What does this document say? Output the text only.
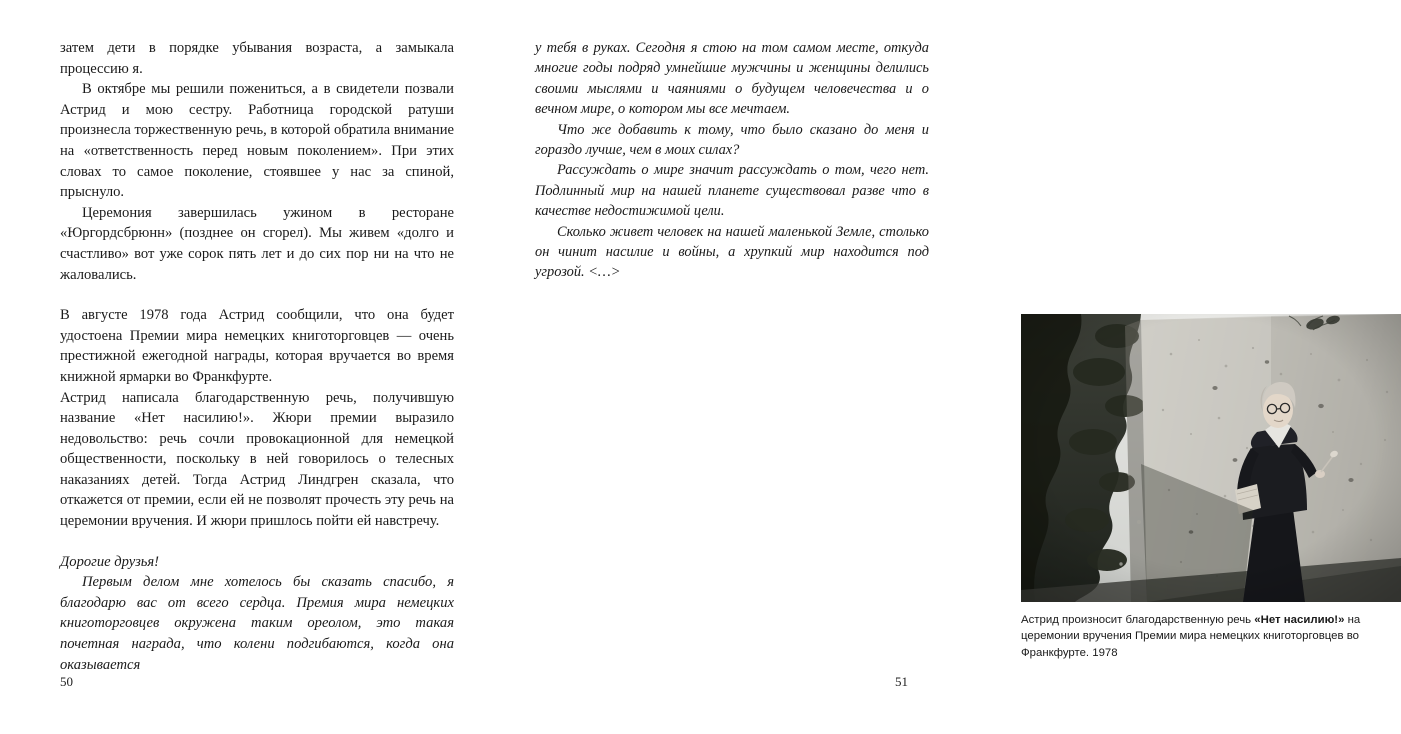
затем дети в порядке убывания возраста, а замыкала процессию я.

В октябре мы решили пожениться, а в свидетели позвали Астрид и мою сестру. Работница городской ратуши произнесла торжественную речь, в которой обратила внимание на «ответственность перед новым поколением». При этих словах то самое поколение, стоявшее у нас за спиной, прыснуло.

Церемония завершилась ужином в ресторане «Юргордсбрюнн» (позднее он сгорел). Мы живем «долго и счастливо» вот уже сорок пять лет и до сих пор ни на что не жаловались.

В августе 1978 года Астрид сообщили, что она будет удостоена Премии мира немецких книготорговцев — очень престижной ежегодной награды, которая вручается во время книжной ярмарки во Франкфурте.

Астрид написала благодарственную речь, получившую название «Нет насилию!». Жюри премии выразило недовольство: речь сочли провокационной для немецкой общественности, поскольку в ней говорилось о телесных наказаниях детей. Тогда Астрид Линдгрен сказала, что откажется от премии, если ей не позволят прочесть эту речь на церемонии вручения. И жюри пришлось пойти ей навстречу.

Дорогие друзья!

Первым делом мне хотелось бы сказать спасибо, я благодарю вас от всего сердца. Премия мира немецких книготорговцев окружена таким ореолом, это такая почетная награда, что колени подгибаются, когда она оказывается

50

у тебя в руках. Сегодня я стою на том самом месте, откуда многие годы подряд умнейшие мужчины и женщины делились своими мыслями и чаяниями о будущем человечества и о вечном мире, о котором мы все мечтаем.

Что же добавить к тому, что было сказано до меня и гораздо лучше, чем в моих силах?

Рассуждать о мире значит рассуждать о том, чего нет. Подлинный мир на нашей планете существовал разве что в качестве недостижимой цели.

Сколько живет человек на нашей маленькой Земле, столько он чинит насилие и войны, а хрупкий мир находится под угрозой. <…>

Астрид произносит благодарственную речь «Нет насилию!» на церемонии вручения Премии мира немецких книготорговцев во Франкфурте. 1978
51
